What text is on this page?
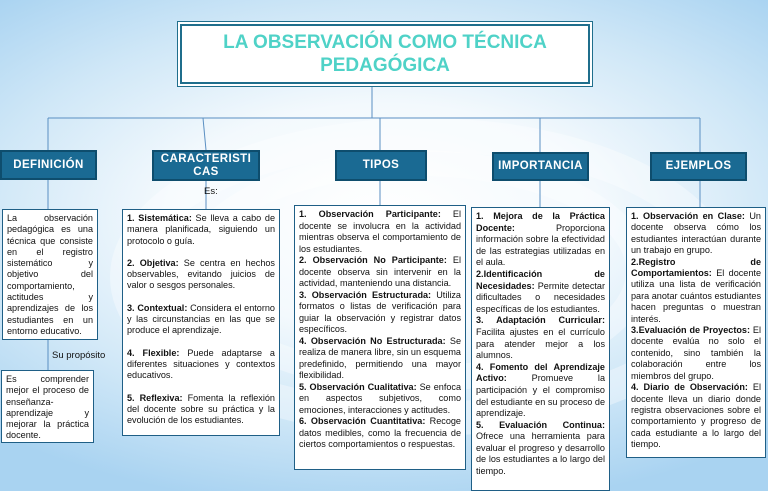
LA OBSERVACIÓN COMO TÉCNICA PEDAGÓGICA
DEFINICIÓN	CARACTERISTICAS
TIPOS	IMPORTANCIA	EJEMPLOS
Es:
Su propósito

La observación pedagógica es una técnica que consiste en el registro sistemático y objetivo del comportamiento, actitudes y aprendizajes de los estudiantes en un entorno educativo.

Es comprender mejor el proceso de enseñanza-aprendizaje y mejorar la práctica docente.

1. Sistemática: Se lleva a cabo de manera planificada, siguiendo un protocolo o guía.

2. Objetiva: Se centra en hechos observables, evitando juicios de valor o sesgos personales.

3. Contextual: Considera el entorno y las circunstancias en las que se produce el aprendizaje.

4. Flexible: Puede adaptarse a diferentes situaciones y contextos educativos.

5. Reflexiva: Fomenta la reflexión del docente sobre su práctica y la evolución de los estudiantes.

1. Observación Participante: El docente se involucra en la actividad mientras observa el comportamiento de los estudiantes.

2. Observación No Participante: El docente observa sin intervenir en la actividad, manteniendo una distancia.

3. Observación Estructurada: Utiliza formatos o listas de verificación para guiar la observación y registrar datos específicos.

4. Observación No Estructurada: Se realiza de manera libre, sin un esquema predefinido, permitiendo una mayor flexibilidad.

5. Observación Cualitativa: Se enfoca en aspectos subjetivos, como emociones, interacciones y actitudes.

6. Observación Cuantitativa: Recoge datos medibles, como la frecuencia de ciertos comportamientos o respuestas.

1. Mejora de la Práctica Docente: Proporciona información sobre la efectividad de las estrategias utilizadas en el aula.

2.Identificación de Necesidades: Permite detectar dificultades o necesidades específicas de los estudiantes.

3. Adaptación Curricular: Facilita ajustes en el currículo para atender mejor a los alumnos.

4. Fomento del Aprendizaje Activo: Promueve la participación y el compromiso del estudiante en su proceso de aprendizaje.

5. Evaluación Continua: Ofrece una herramienta para evaluar el progreso y desarrollo de los estudiantes a lo largo del tiempo.

1. Observación en Clase: Un docente observa cómo los estudiantes interactúan durante un trabajo en grupo.

2.Registro de Comportamientos: El docente utiliza una lista de verificación para anotar cuántos estudiantes hacen preguntas o muestran interés.

3.Evaluación de Proyectos: El docente evalúa no solo el contenido, sino también la colaboración entre los miembros del grupo.

4. Diario de Observación: El docente lleva un diario donde registra observaciones sobre el comportamiento y progreso de cada estudiante a lo largo del tiempo.
